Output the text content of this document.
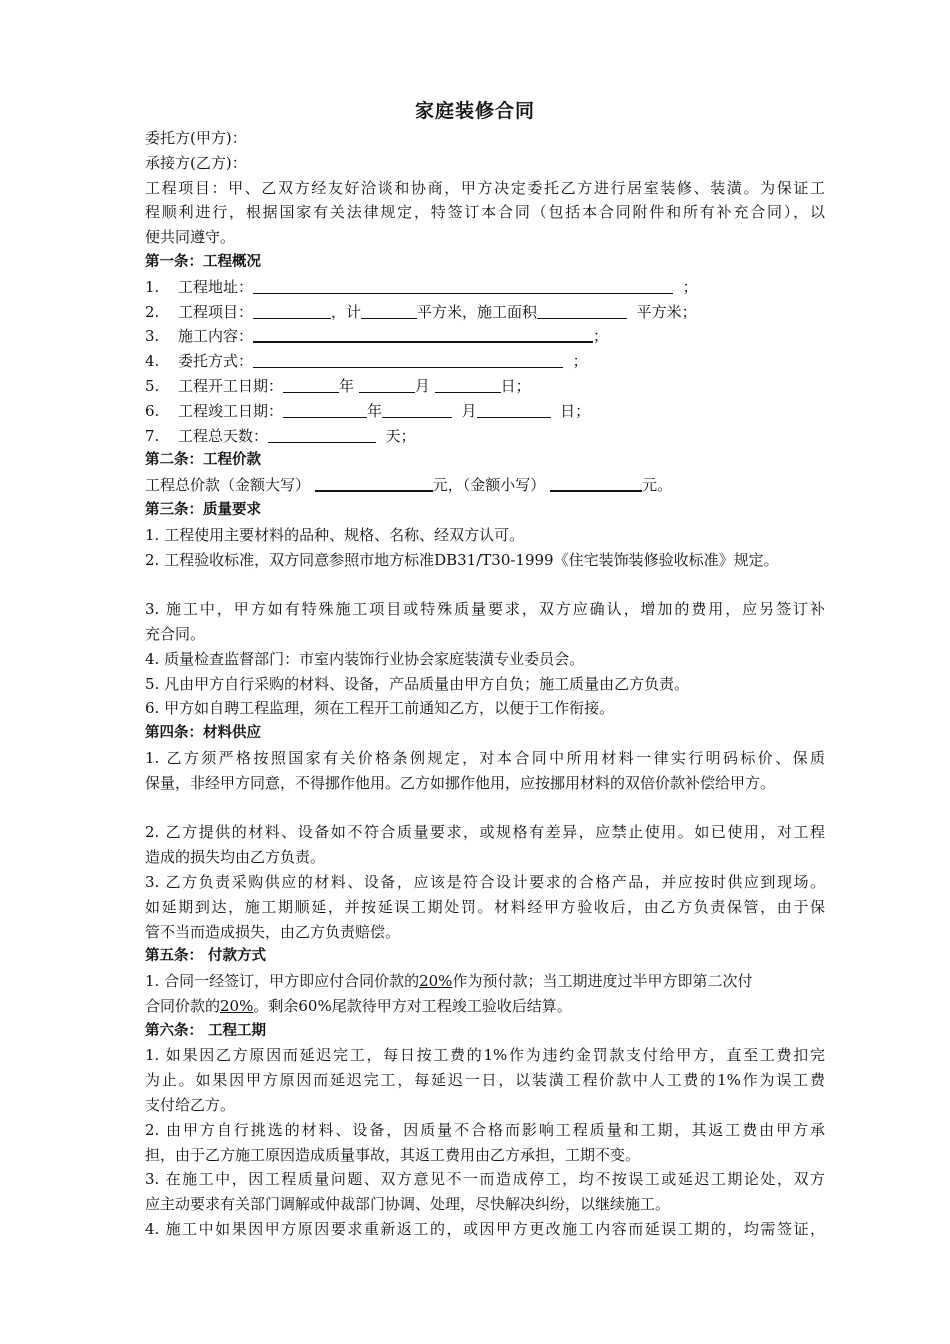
家庭装修合同
委托方(甲方)：
承接方(乙方)：
工程项目：甲、乙双方经友好洽谈和协商，甲方决定委托乙方进行居室装修、装潢。为保证工
程顺利进行，根据国家有关法律规定，特签订本合同（包括本合同附件和所有补充合同），以
便共同遵守。
第一条：工程概况
1. 工程地址：	；
2. 工程项目：	，计	平方米，施工面积	平方米；
3. 施工内容：	；
4. 委托方式：	；
5. 工程开工日期：	年	月	日；
6. 工程竣工日期：	年	月	日；
7. 工程总天数：	天；
第二条：工程价款
工程总价款（金额大写）	元，（金额小写）	元。
第三条：质量要求
1. 工程使用主要材料的品种、规格、名称、经双方认可。
2. 工程验收标准，双方同意参照市地方标准DB31/T30-1999《住宅装饰装修验收标准》规定。
3. 施工中，甲方如有特殊施工项目或特殊质量要求，双方应确认，增加的费用，应另签订补
充合同。
4. 质量检查监督部门：市室内装饰行业协会家庭装潢专业委员会。
5. 凡由甲方自行采购的材料、设备，产品质量由甲方自负；施工质量由乙方负责。
6. 甲方如自聘工程监理，须在工程开工前通知乙方，以便于工作衔接。
第四条：材料供应
1. 乙方须严格按照国家有关价格条例规定，对本合同中所用材料一律实行明码标价、保质
保量，非经甲方同意，不得挪作他用。乙方如挪作他用，应按挪用材料的双倍价款补偿给甲方。
2. 乙方提供的材料、设备如不符合质量要求，或规格有差异，应禁止使用。如已使用，对工程
造成的损失均由乙方负责。
3. 乙方负责采购供应的材料、设备，应该是符合设计要求的合格产品，并应按时供应到现场。
如延期到达，施工期顺延，并按延误工期处罚。材料经甲方验收后，由乙方负责保管，由于保
管不当而造成损失，由乙方负责赔偿。
第五条： 付款方式
1. 合同一经签订，甲方即应付合同价款的20%作为预付款；当工期进度过半甲方即第二次付
合同价款的20%。剩余60%尾款待甲方对工程竣工验收后结算。
第六条： 工程工期
1. 如果因乙方原因而延迟完工，每日按工费的1%作为违约金罚款支付给甲方，直至工费扣完
为止。如果因甲方原因而延迟完工，每延迟一日，以装潢工程价款中人工费的1%作为误工费
支付给乙方。
2. 由甲方自行挑选的材料、设备，因质量不合格而影响工程质量和工期，其返工费由甲方承
担，由于乙方施工原因造成质量事故，其返工费用由乙方承担，工期不变。
3. 在施工中，因工程质量问题、双方意见不一而造成停工，均不按误工或延迟工期论处，双方
应主动要求有关部门调解或仲裁部门协调、处理，尽快解决纠纷，以继续施工。
4. 施工中如果因甲方原因要求重新返工的，或因甲方更改施工内容而延误工期的，均需签证，
